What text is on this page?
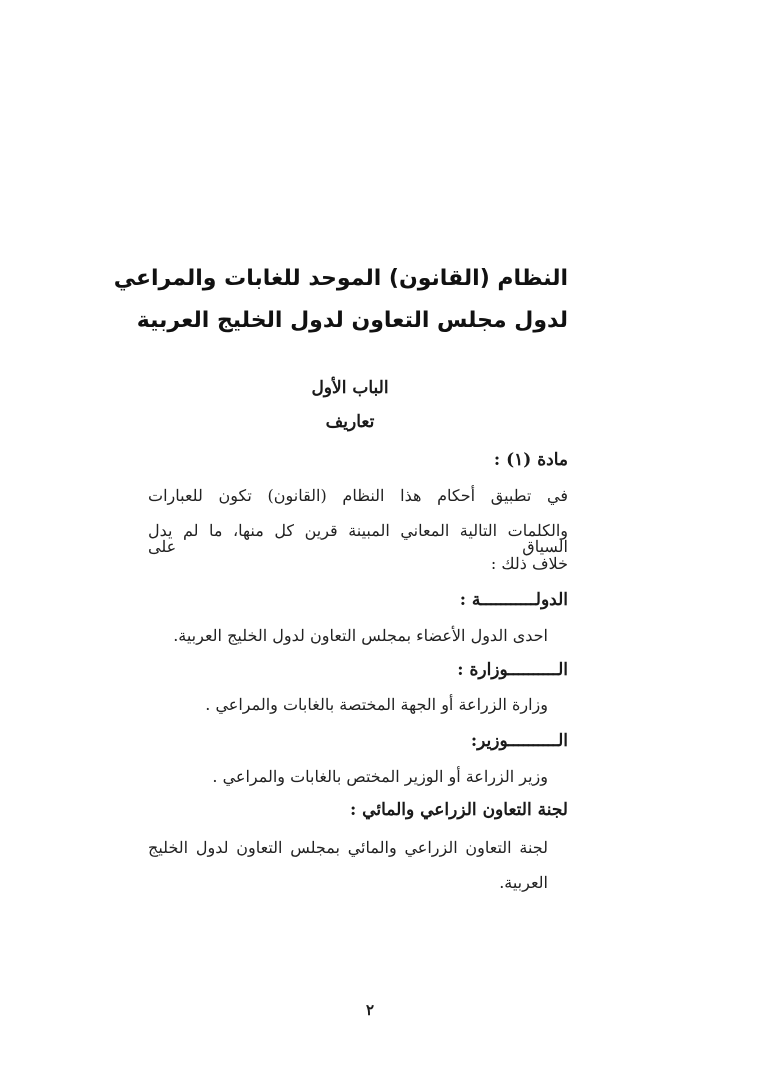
النظام (القانون) الموحد للغابات والمراعي
لدول مجلس التعاون لدول الخليج العربية
الباب الأول
تعاريف
مادة (١) :
في تطبيق أحكام هذا النظام (القانون) تكون للعبارات
والكلمات التالية المعاني المبينة قرين كل منها، ما لم يدل السياق على
خلاف ذلك :
الدولـــــــــــة :
احدى الدول الأعضاء بمجلس التعاون لدول الخليج العربية.
الــــــــــوزارة :
وزارة الزراعة أو الجهة المختصة بالغابات والمراعي .
الــــــــــوزير:
وزير الزراعة أو الوزير المختص بالغابات والمراعي .
لجنة التعاون الزراعي والمائي :
لجنة التعاون الزراعي والمائي بمجلس التعاون لدول الخليج
العربية.
٢
